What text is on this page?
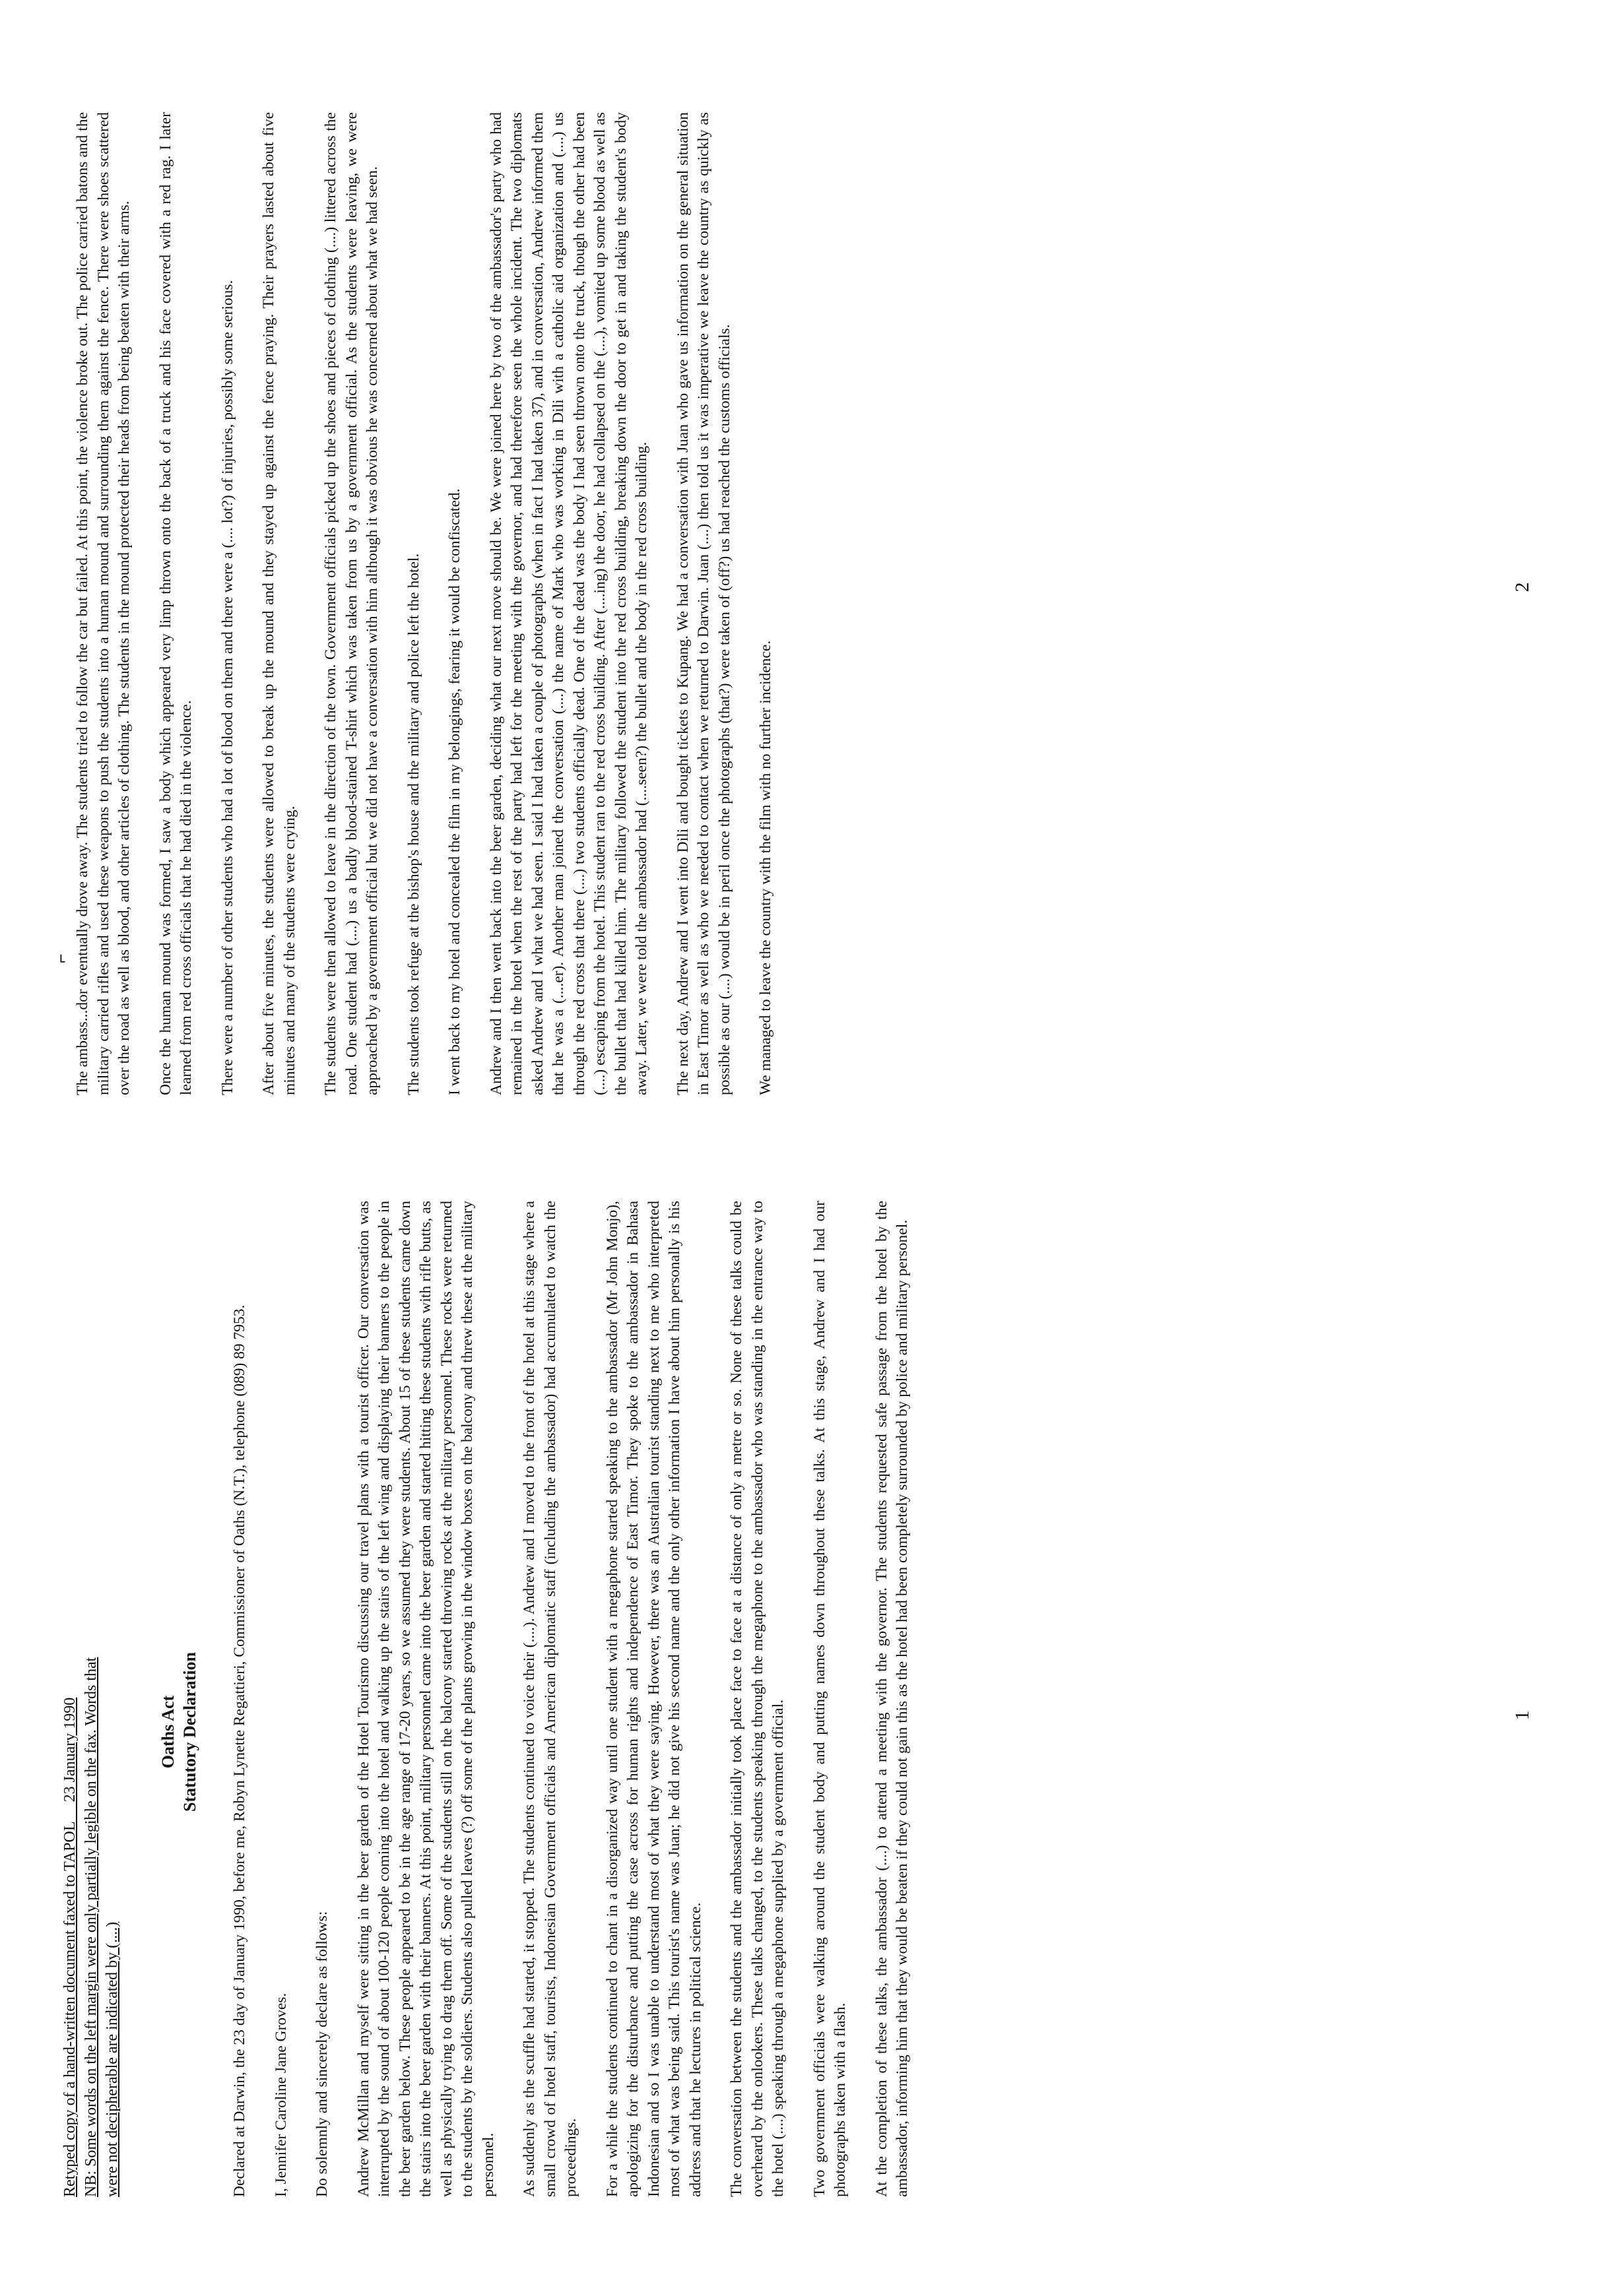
Retyped copy of a hand-written document faxed to TAPOL     23 January 1990 NB: Some words on the left margin were only partially legible on the fax. Words that were not decipherable are indicated by (....)

Oaths Act Statutory Declaration Declared at Darwin, the 23 day of January 1990, before me, Robyn Lynette Regattieri, Commissioner of Oaths (N.T.), telephone (089) 89 7953. I, Jennifer Caroline Jane Groves. Do solemnly and sincerely declare as follows: Andrew McMillan and myself were sitting in the beer garden of the Hotel Tourismo discussing our travel plans with a tourist officer. Our conversation was interrupted by the sound of about 100-120 people coming into the hotel and walking up the stairs of the left wing and displaying their banners to the people in the beer garden below. These people appeared to be in the age range of 17-20 years, so we assumed they were students. About 15 of these students came down the stairs into the beer garden with their banners. At this point, military personnel came into the beer garden and started hitting these students with rifle butts, as well as physically trying to drag them off. Some of the students still on the balcony started throwing rocks at the military personnel. These rocks were returned to the students by the soldiers. Students also pulled leaves (?) off some of the plants growing in the window boxes on the balcony and threw these at the military personnel. As suddenly as the scuffle had started, it stopped. The students continued to voice their (....). Andrew and I moved to the front of the hotel at this stage where a small crowd of hotel staff, tourists, Indonesian Government officials and American diplomatic staff (including the ambassador) had accumulated to watch the proceedings. For a while the students continued to chant in a disorganized way until one student with a megaphone started speaking to the ambassador (Mr John Monjo), apologizing for the disturbance and putting the case across for human rights and independence of East Timor. They spoke to the ambassador in Bahasa Indonesian and so I was unable to understand most of what they were saying. However, there was an Australian tourist standing next to me who interpreted most of what was being said. This tourist's name was Juan; he did not give his second name and the only other information I have about him personally is his address and that he lectures in political science. The conversation between the students and the ambassador initially took place face to face at a distance of only a metre or so. None of these talks could be overheard by the onlookers. These talks changed, to the students speaking through the megaphone to the ambassador who was standing in the entrance way to the hotel (....) speaking through a megaphone supplied by a government official. Two government officials were walking around the student body and putting names down throughout these talks. At this stage, Andrew and I had our photographs taken with a flash. At the completion of these talks, the ambassador (....) to attend a meeting with the governor. The students requested safe passage from the hotel by the ambassador, informing him that they would be beaten if they could not gain this as the hotel had been completely surrounded by police and military personel.	1

The ambass...dor eventually drove away. The students tried to follow the car but failed. At this point, the violence broke out. The police carried batons and the military carried rifles and used these weapons to push the students into a human mound and surrounding them against the fence. There were shoes scattered over the road as well as blood, and other articles of clothing. The students in the mound protected their heads from being beaten with their arms. Once the human mound was formed, I saw a body which appeared very limp thrown onto the back of a truck and his face covered with a red rag. I later learned from red cross officials that he had died in the violence. There were a number of other students who had a lot of blood on them and there were a (.... lot?) of injuries, possibly some serious. After about five minutes, the students were allowed to break up the mound and they stayed up against the fence praying. Their prayers lasted about five minutes and many of the students were crying. The students were then allowed to leave in the direction of the town. Government officials picked up the shoes and pieces of clothing (....) littered across the road. One student had (....) us a badly blood-stained T-shirt which was taken from us by a government official. As the students were leaving, we were approached by a government official but we did not have a conversation with him although it was obvious he was concerned about what we had seen. The students took refuge at the bishop's house and the military and police left the hotel. I went back to my hotel and concealed the film in my belongings, fearing it would be confiscated. Andrew and I then went back into the beer garden, deciding what our next move should be. We were joined here by two of the ambassador's party who had remained in the hotel when the rest of the party had left for the meeting with the governor, and had therefore seen the whole incident. The two diplomats asked Andrew and I what we had seen. I said I had taken a couple of photographs (when in fact I had taken 37), and in conversation, Andrew informed them that he was a (....er). Another man joined the conversation (....) the name of Mark who was working in Dili with a catholic aid organization and (....) us through the red cross that there (....) two students officially dead. One of the dead was the body I had seen thrown onto the truck, though the other had been (....) escaping from the hotel. This student ran to the red cross building. After (....ing) the door, he had collapsed on the (....), vomited up some blood as well as the bullet that had killed him. The military followed the student into the red cross building, breaking down the door to get in and taking the student's body away. Later, we were told the ambassador had (....seen?) the bullet and the body in the red cross building. The next day, Andrew and I went into Dili and bought tickets to Kupang. We had a conversation with Juan who gave us information on the general situation in East Timor as well as who we needed to contact when we returned to Darwin. Juan (....) then told us it was imperative we leave the country as quickly as possible as our (....) would be in peril once the photographs (that?) were taken of (off?) us had reached the customs officials. We managed to leave the country with the film with no further incidence.

2
⌐
